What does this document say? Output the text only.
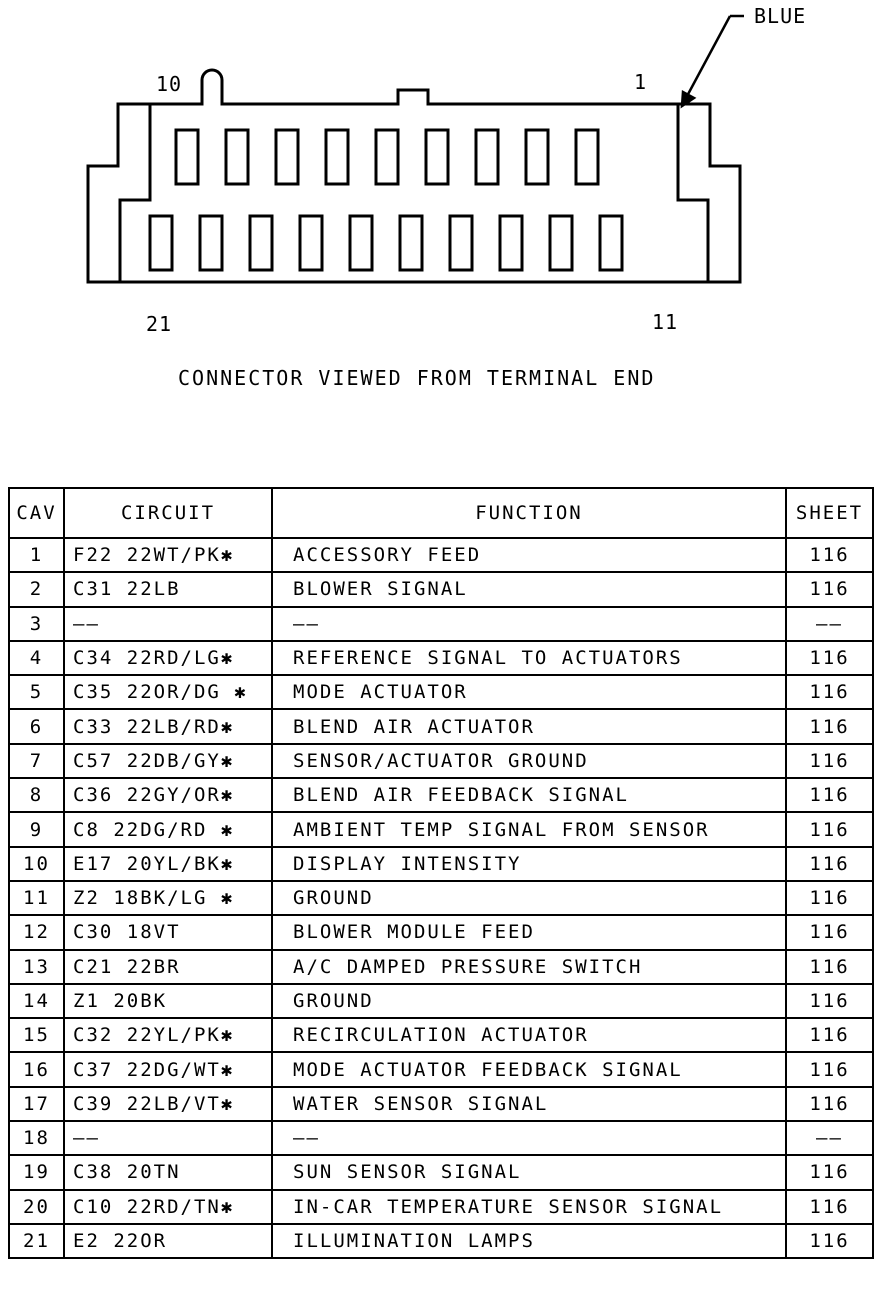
BLUE
10	1
21	11
CONNECTOR VIEWED FROM TERMINAL END
CAV	CIRCUIT	FUNCTION	SHEET
1	F22 22WT/PK✱	ACCESSORY FEED	116
2	C31 22LB	BLOWER SIGNAL	116
3	——	——	——
4	C34 22RD/LG✱	REFERENCE SIGNAL TO ACTUATORS	116
5	C35 22OR/DG ✱	MODE ACTUATOR	116
6	C33 22LB/RD✱	BLEND AIR ACTUATOR	116
7	C57 22DB/GY✱	SENSOR/ACTUATOR GROUND	116
8	C36 22GY/OR✱	BLEND AIR FEEDBACK SIGNAL	116
9	C8 22DG/RD ✱	AMBIENT TEMP SIGNAL FROM SENSOR	116
10	E17 20YL/BK✱	DISPLAY INTENSITY	116
11	Z2 18BK/LG ✱	GROUND	116
12	C30 18VT	BLOWER MODULE FEED	116
13	C21 22BR	A/C DAMPED PRESSURE SWITCH	116
14	Z1 20BK	GROUND	116
15	C32 22YL/PK✱	RECIRCULATION ACTUATOR	116
16	C37 22DG/WT✱	MODE ACTUATOR FEEDBACK SIGNAL	116
17	C39 22LB/VT✱	WATER SENSOR SIGNAL	116
18	——	——	——
19	C38 20TN	SUN SENSOR SIGNAL	116
20	C10 22RD/TN✱	IN-CAR TEMPERATURE SENSOR SIGNAL	116
21	E2 22OR	ILLUMINATION LAMPS	116
